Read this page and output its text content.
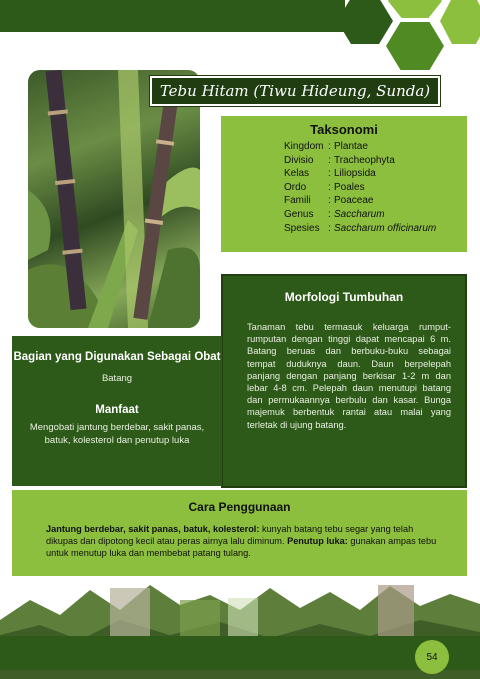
Tebu Hitam (Tiwu Hideung, Sunda)
Taksonomi
Kingdom : Plantae
Divisio	: Tracheophyta
Kelas	: Liliopsida
Ordo	: Poales
Famili	: Poaceae
Genus	: Saccharum
Spesies : Saccharum officinarum
Morfologi Tumbuhan

Tanaman tebu termasuk keluarga rumput-rumputan dengan tinggi dapat mencapai 6 m. Batang beruas dan berbuku-buku sebagai tempat duduknya daun. Daun berpelepah panjang dengan panjang berkisar 1-2 m dan lebar 4-8 cm. Pelepah daun menutupi batang dan permukaannya berbulu dan kasar. Bunga majemuk berbentuk rantai atau malai yang terletak di ujung batang.

Bagian yang Digunakan Sebagai Obat
Batang
Manfaat
Mengobati jantung berdebar, sakit panas, batuk, kolesterol dan penutup luka
Cara Penggunaan

Jantung berdebar, sakit panas, batuk, kolesterol: kunyah batang tebu segar yang telah dikupas dan dipotong kecil atau peras airnya lalu diminum. Penutup luka: gunakan ampas tebu untuk menutup luka dan membebat patang tulang.

54
